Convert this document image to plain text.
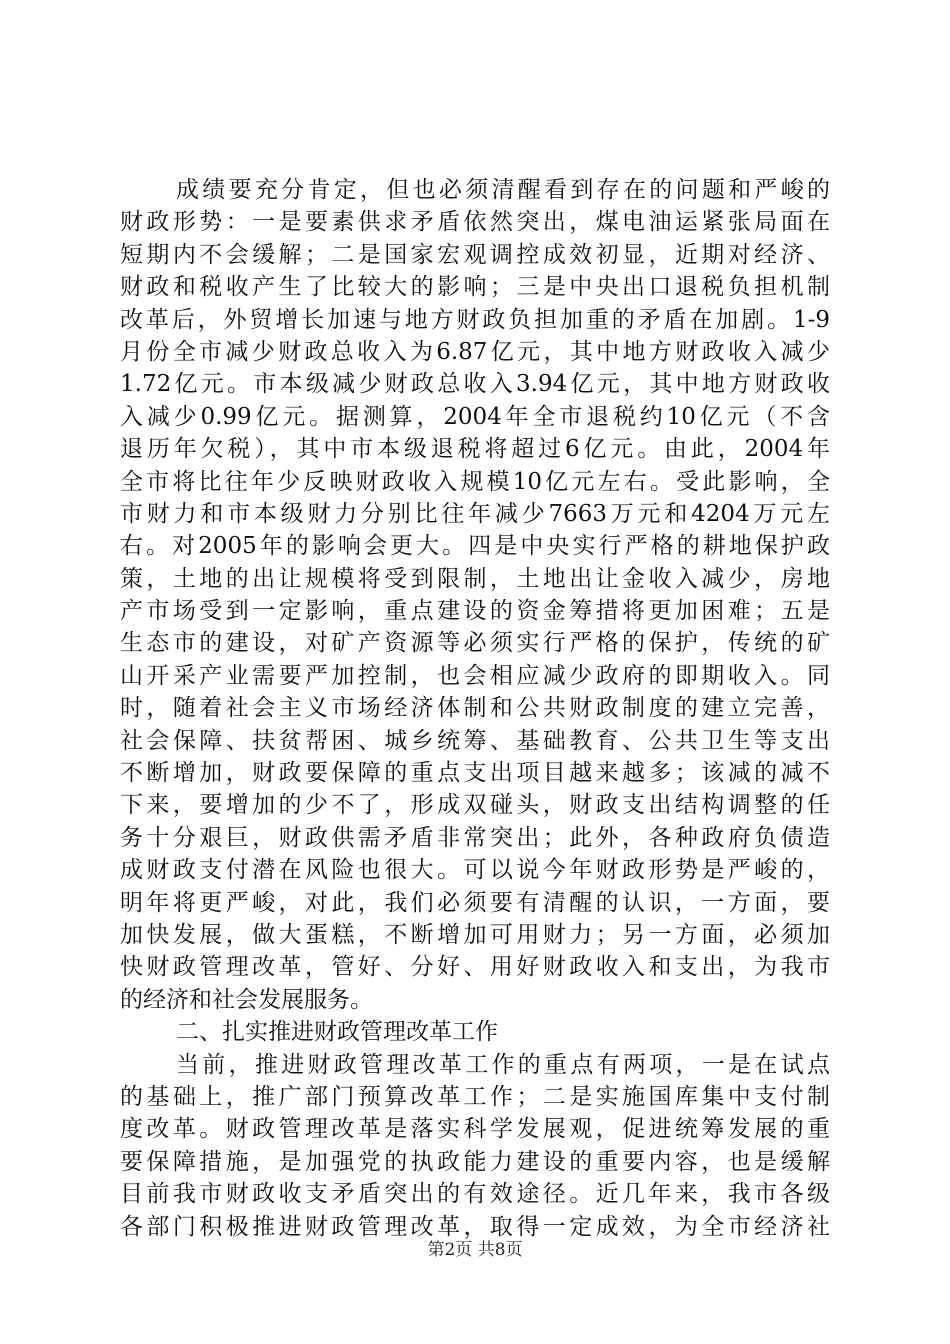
成绩要充分肯定，但也必须清醒看到存在的问题和严峻的
财政形势：一是要素供求矛盾依然突出，煤电油运紧张局面在
短期内不会缓解；二是国家宏观调控成效初显，近期对经济、
财政和税收产生了比较大的影响；三是中央出口退税负担机制
改革后，外贸增长加速与地方财政负担加重的矛盾在加剧。1-9
月份全市减少财政总收入为6.87亿元，其中地方财政收入减少
1.72亿元。市本级减少财政总收入3.94亿元，其中地方财政收
入减少0.99亿元。据测算，2004年全市退税约10亿元（不含
退历年欠税），其中市本级退税将超过6亿元。由此，2004年
全市将比往年少反映财政收入规模10亿元左右。受此影响，全
市财力和市本级财力分别比往年减少7663万元和4204万元左
右。对2005年的影响会更大。四是中央实行严格的耕地保护政
策，土地的出让规模将受到限制，土地出让金收入减少，房地
产市场受到一定影响，重点建设的资金筹措将更加困难；五是
生态市的建设，对矿产资源等必须实行严格的保护，传统的矿
山开采产业需要严加控制，也会相应减少政府的即期收入。同
时，随着社会主义市场经济体制和公共财政制度的建立完善，
社会保障、扶贫帮困、城乡统筹、基础教育、公共卫生等支出
不断增加，财政要保障的重点支出项目越来越多；该减的减不
下来，要增加的少不了，形成双碰头，财政支出结构调整的任
务十分艰巨，财政供需矛盾非常突出；此外，各种政府负债造
成财政支付潜在风险也很大。可以说今年财政形势是严峻的，
明年将更严峻，对此，我们必须要有清醒的认识，一方面，要
加快发展，做大蛋糕，不断增加可用财力；另一方面，必须加
快财政管理改革，管好、分好、用好财政收入和支出，为我市
的经济和社会发展服务。
二、扎实推进财政管理改革工作
当前，推进财政管理改革工作的重点有两项，一是在试点
的基础上，推广部门预算改革工作；二是实施国库集中支付制
度改革。财政管理改革是落实科学发展观，促进统筹发展的重
要保障措施，是加强党的执政能力建设的重要内容，也是缓解
目前我市财政收支矛盾突出的有效途径。近几年来，我市各级
各部门积极推进财政管理改革，取得一定成效，为全市经济社
第2页 共8页
